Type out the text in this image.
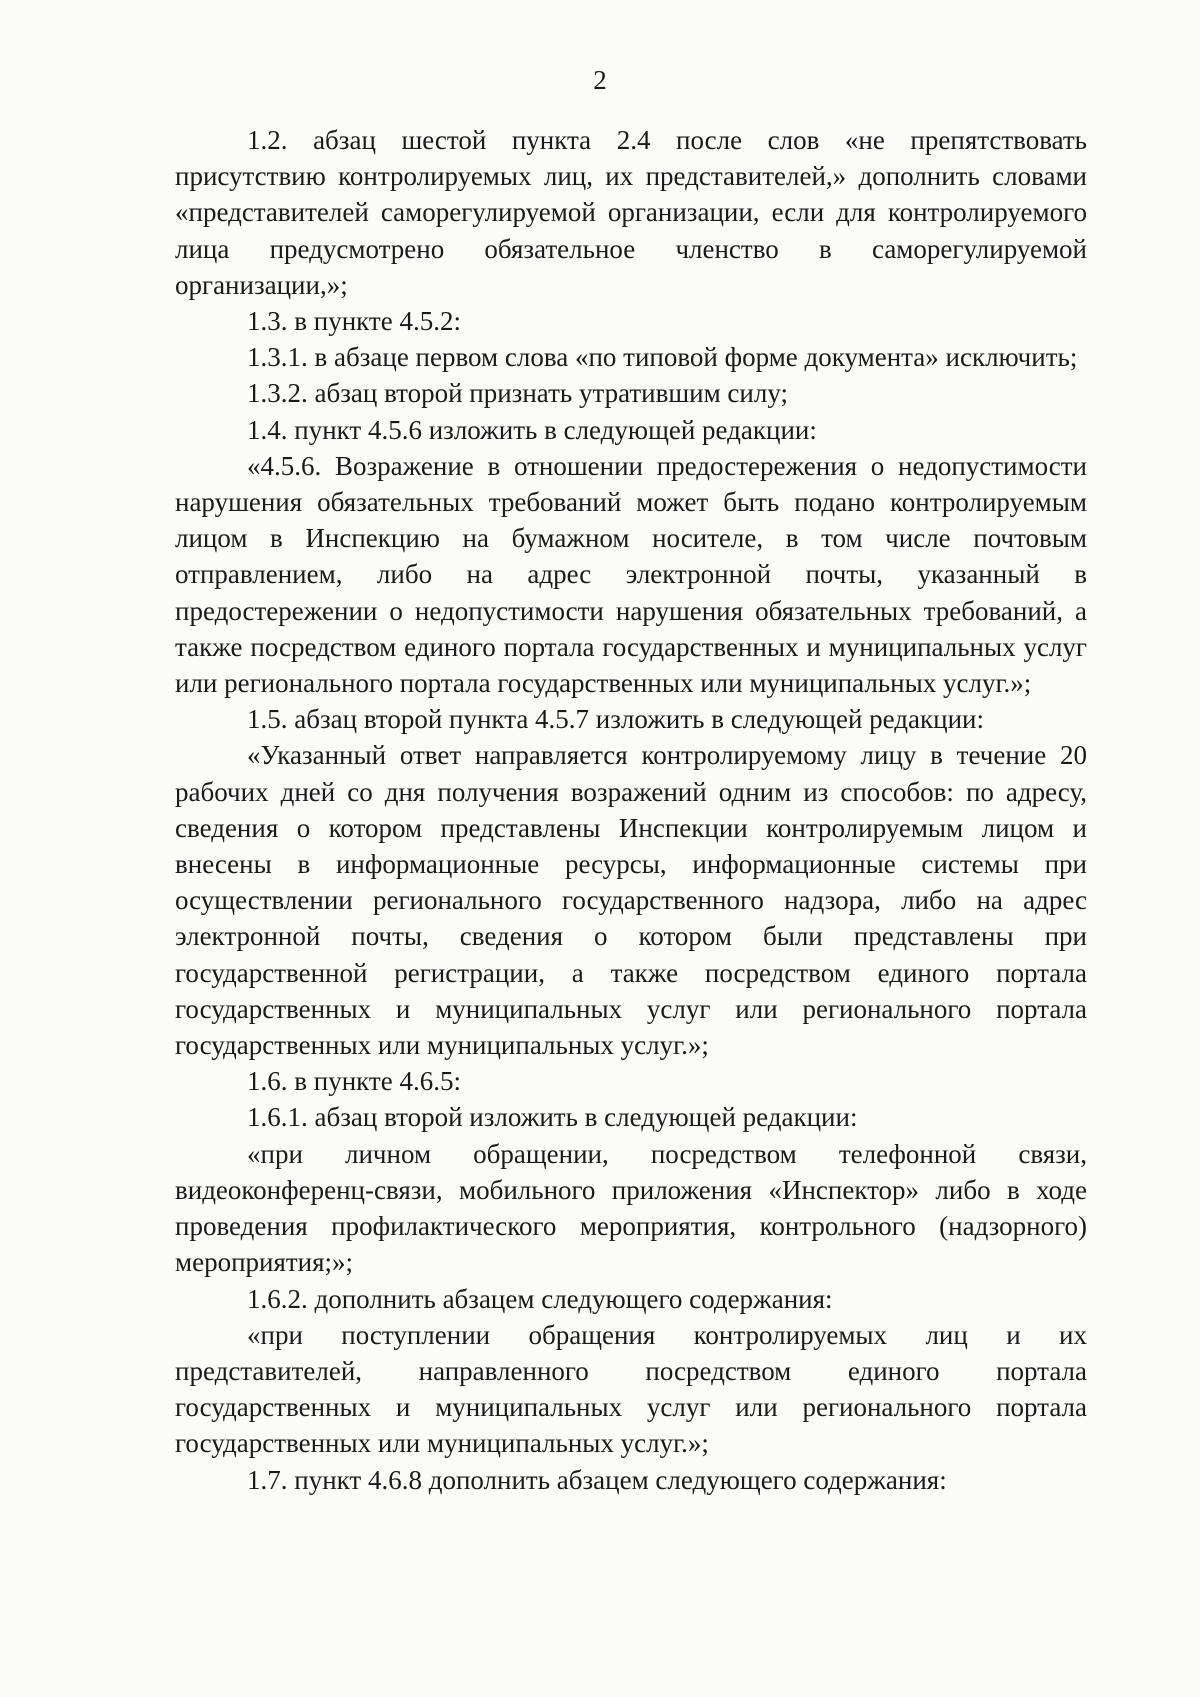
2

1.2. абзац шестой пункта 2.4 после слов «не препятствовать присутствию контролируемых лиц, их представителей,» дополнить словами «представителей саморегулируемой организации, если для контролируемого лица предусмотрено обязательное членство в саморегулируемой организации,»;

1.3. в пункте 4.5.2:

1.3.1. в абзаце первом слова «по типовой форме документа» исключить;

1.3.2. абзац второй признать утратившим силу;

1.4. пункт 4.5.6 изложить в следующей редакции:

«4.5.6. Возражение в отношении предостережения о недопустимости нарушения обязательных требований может быть подано контролируемым лицом в Инспекцию на бумажном носителе, в том числе почтовым отправлением, либо на адрес электронной почты, указанный в предостережении о недопустимости нарушения обязательных требований, а также посредством единого портала государственных и муниципальных услуг или регионального портала государственных или муниципальных услуг.»;

1.5. абзац второй пункта 4.5.7 изложить в следующей редакции:

«Указанный ответ направляется контролируемому лицу в течение 20 рабочих дней со дня получения возражений одним из способов: по адресу, сведения о котором представлены Инспекции контролируемым лицом и внесены в информационные ресурсы, информационные системы при осуществлении регионального государственного надзора, либо на адрес электронной почты, сведения о котором были представлены при государственной регистрации, а также посредством единого портала государственных и муниципальных услуг или регионального портала государственных или муниципальных услуг.»;

1.6. в пункте 4.6.5:

1.6.1. абзац второй изложить в следующей редакции:

«при личном обращении, посредством телефонной связи, видеоконференц-связи, мобильного приложения «Инспектор» либо в ходе проведения профилактического мероприятия, контрольного (надзорного) мероприятия;»;

1.6.2. дополнить абзацем следующего содержания:

«при поступлении обращения контролируемых лиц и их представителей, направленного посредством единого портала государственных и муниципальных услуг или регионального портала государственных или муниципальных услуг.»;

1.7. пункт 4.6.8 дополнить абзацем следующего содержания:
